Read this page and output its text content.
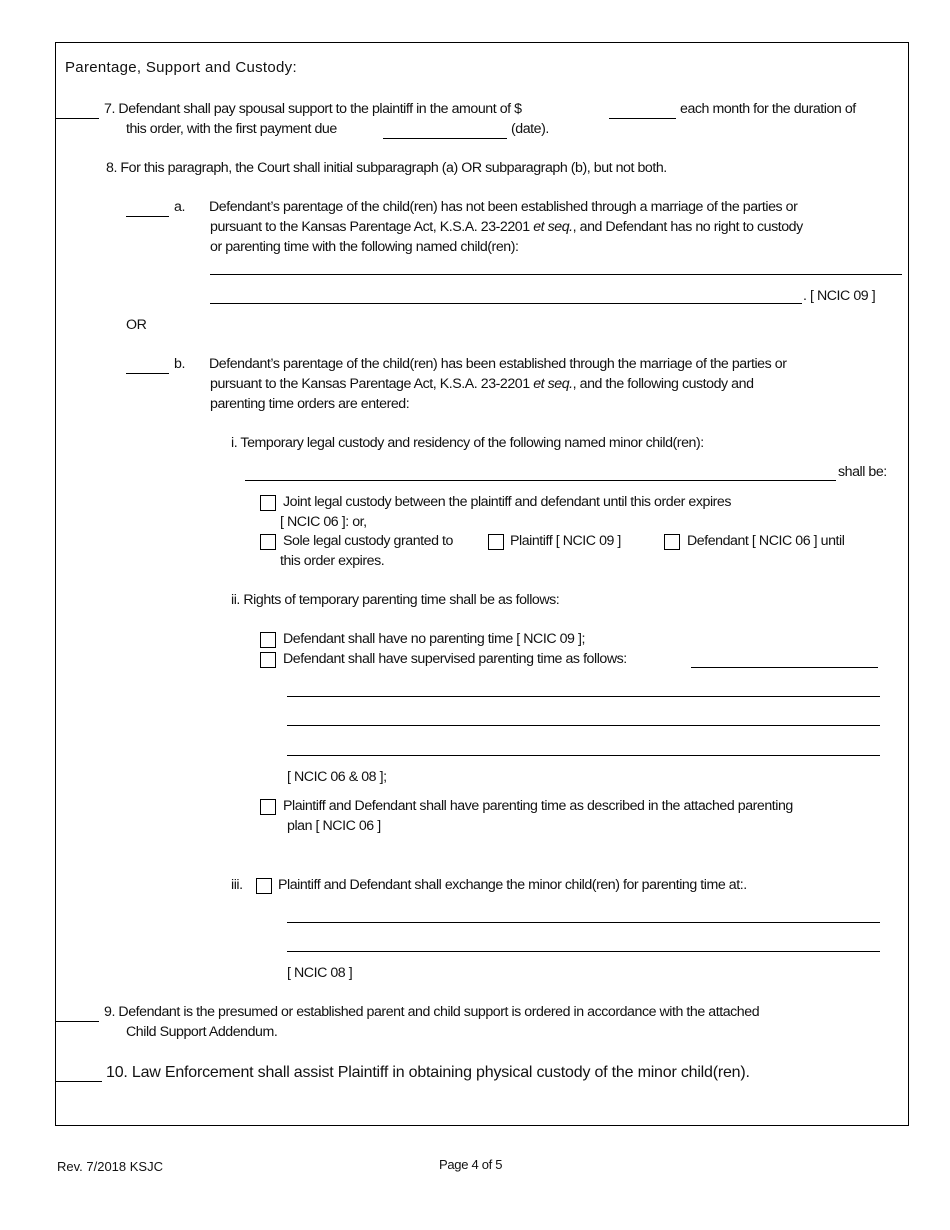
Parentage, Support and Custody:
7. Defendant shall pay spousal support to the plaintiff in the amount of $	each month for the duration of
this order, with the first payment due	(date).
8. For this paragraph, the Court shall initial subparagraph (a) OR subparagraph (b), but not both.
a. Defendant’s parentage of the child(ren) has not been established through a marriage of the parties or
pursuant to the Kansas Parentage Act, K.S.A. 23-2201 et seq., and Defendant has no right to custody
or parenting time with the following named child(ren):
. [ NCIC 09 ]
OR
b. Defendant’s parentage of the child(ren) has been established through the marriage of the parties or
pursuant to the Kansas Parentage Act, K.S.A. 23-2201 et seq., and the following custody and
parenting time orders are entered:
i. Temporary legal custody and residency of the following named minor child(ren):
shall be:
Joint legal custody between the plaintiff and defendant until this order expires
[ NCIC 06 ]: or,
Sole legal custody granted to	Plaintiff [ NCIC 09 ]	Defendant [ NCIC 06 ] until
this order expires.
ii. Rights of temporary parenting time shall be as follows:
Defendant shall have no parenting time [ NCIC 09 ];
Defendant shall have supervised parenting time as follows:
[ NCIC 06 & 08 ];
Plaintiff and Defendant shall have parenting time as described in the attached parenting
plan [ NCIC 06 ]
iii. Plaintiff and Defendant shall exchange the minor child(ren) for parenting time at:.
[ NCIC 08 ]
9. Defendant is the presumed or established parent and child support is ordered in accordance with the attached
Child Support Addendum.
10. Law Enforcement shall assist Plaintiff in obtaining physical custody of the minor child(ren).
Rev. 7/2018 KSJC	Page 4 of 5
